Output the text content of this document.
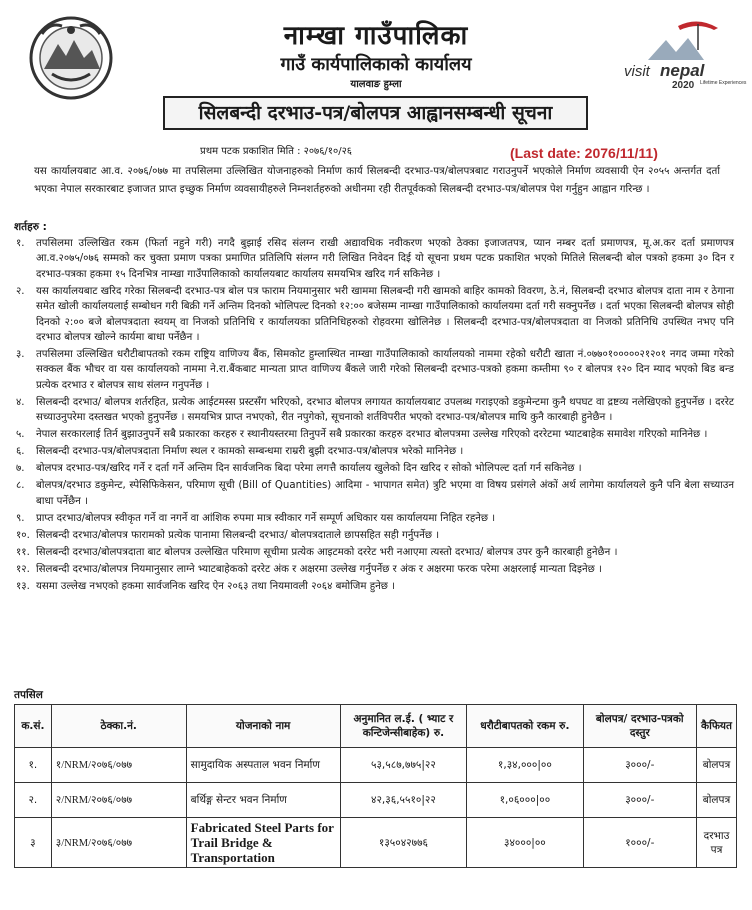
नाम्खा गाउँपालिका
गाउँ कार्यपालिकाको कार्यालय
यालवाङ हुम्ला
visit nepal
2020 Lifetime Experiences
सिलबन्दी दरभाउ-पत्र/बोलपत्र आह्वानसम्बन्धी सूचना
प्रथम पटक प्रकाशित मिति : २०७६/१०/२६	(Last date: 2076/11/11)
यस कार्यालयबाट आ.व. २०७६/०७७ मा तपसिलमा उल्लिखित योजनाहरुको निर्माण कार्य सिलबन्दी दरभाउ-पत्र/बोलपत्रबाट गराउनुपर्ने भएकोले निर्माण व्यवसायी ऐन २०५५ अन्तर्गत दर्ता भएका नेपाल सरकारबाट इजाजत प्राप्त इच्छुक निर्माण व्यवसायीहरुले निम्नशर्तहरुको अधीनमा रही रीतपूर्वकको सिलबन्दी दरभाउ-पत्र/बोलपत्र पेश गर्नुहुन आह्वान गरिन्छ ।
शर्तहरु :
१.	तपसिलमा उल्लिखित रकम (फिर्ता नहुने गरी) नगदै बुझाई रसिद संलग्न राखी अद्यावधिक नवीकरण भएको ठेक्का इजाजतपत्र, प्यान नम्बर दर्ता प्रमाणपत्र, मू.अ.कर दर्ता प्रमाणपत्र आ.व.२०७५/०७६ सम्मको कर चुक्ता प्रमाण पत्रका प्रमाणित प्रतिलिपि संलग्न गरी लिखित निवेदन दिई यो सूचना प्रथम पटक प्रकाशित भएको मितिले सिलबन्दी बोल पत्रको हकमा ३० दिन र दरभाउ-पत्रका हकमा १५ दिनभित्र नाम्खा गाउँपालिकाको कार्यालयबाट कार्यालय समयभित्र खरिद गर्न सकिनेछ ।
२.	यस कार्यालयबाट खरिद गरेका सिलबन्दी दरभाउ-पत्र बोल पत्र फाराम नियमानुसार भरी खाममा सिलबन्दी गरी खामको बाहिर कामको विवरण, ठे.नं, सिलबन्दी दरभाउ बोलपत्र दाता नाम र ठेगाना समेत खोली कार्यालयलाई सम्बोधन गरी बिक्री गर्ने अन्तिम दिनको भोलिपल्ट दिनको १२:०० बजेसम्म नाम्खा गाउँपालिकाको कार्यालयमा दर्ता गरी सक्नुपर्नेछ । दर्ता भएका सिलबन्दी बोलपत्र सोही दिनको २:०० बजे बोलपत्रदाता स्वयम् वा निजको प्रतिनिधि र कार्यालयका प्रतिनिधिहरुको रोहवरमा खोलिनेछ । सिलबन्दी दरभाउ-पत्र/बोलपत्रदाता वा निजको प्रतिनिधि उपस्थित नभए पनि दरभाउ बोलपत्र खोल्ने कार्यमा बाधा पर्नेछैन ।
३.	तपसिलमा उल्लिखित धरौटीबापतको रकम राष्ट्रिय वाणिज्य बैंक, सिमकोट हुम्लास्थित नाम्खा गाउँपालिकाको कार्यालयको नाममा रहेको धरौटी खाता नं.०७७०१०००००२१२०१ नगद जम्मा गरेको सक्कल बैंक भौचर वा यस कार्यालयको नाममा ने.रा.बैंकबाट मान्यता प्राप्त वाणिज्य बैंकले जारी गरेको सिलबन्दी दरभाउ-पत्रको हकमा कम्तीमा ९० र बोलपत्र १२० दिन म्याद भएको बिड बन्ड प्रत्येक दरभाउ र बोलपत्र साथ संलग्न गनुपर्नेछ ।
४.	सिलबन्दी दरभाउ/ बोलपत्र शर्तरहित, प्रत्येक आईटमस्स प्रस्टसँग भरिएको, दरभाउ बोलपत्र लगायत कार्यालयबाट उपलब्ध गराइएको डकुमेन्टमा कुनै थपघट वा द्रष्टव्य नलेखिएको हुनुपर्नेछ । दररेट सच्याउनुपरेमा दस्तखत भएको हुनुपर्नेछ । समयभित्र प्राप्त नभएको, रीत नपुगेको, सूचनाको शर्तविपरीत भएको दरभाउ-पत्र/बोलपत्र माथि कुनै कारबाही हुनेछैन ।
५.	नेपाल सरकारलाई तिर्न बुझाउनुपर्ने सबै प्रकारका करहरु र स्थानीयस्तरमा तिनुपर्ने सबै प्रकारका करहरु दरभाउ बोलपत्रमा उल्लेख गरिएको दररेटमा भ्याटबाहेक समावेश गरिएको मानिनेछ ।
६.	सिलबन्दी दरभाउ-पत्र/बोलपत्रदाता निर्माण स्थल र कामको सम्बन्धमा राम्ररी बुझी दरभाउ-पत्र/बोलपत्र भरेको मानिनेछ ।
७.	बोलपत्र दरभाउ-पत्र/खरिद गर्ने र दर्ता गर्ने अन्तिम दिन सार्वजनिक बिदा परेमा लगत्तै कार्यालय खुलेको दिन खरिद र सोको भोलिपल्ट दर्ता गर्न सकिनेछ ।
८.	बोलपत्र/दरभाउ डकुमेन्ट, स्पेसिफिकेसन, परिमाण सूची (Bill of Quantities) आदिमा - भापागत समेत) त्रुटि भएमा वा विषय प्रसंगले अंकों अर्थ लागेमा कार्यालयले कुनै पनि बेला सच्याउन बाधा पर्नेछैन ।
९.	प्राप्त दरभाउ/बोलपत्र स्वीकृत गर्ने वा नगर्ने वा आंशिक रुपमा मात्र स्वीकार गर्ने सम्पूर्ण अधिकार यस कार्यालयमा निहित रहनेछ ।
१०. सिलबन्दी दरभाउ/बोलपत्र फारामको प्रत्येक पानामा सिलबन्दी दरभाउ/ बोलपत्रदाताले छापसहित सही गर्नुपर्नेछ ।
११. सिलबन्दी दरभाउ/बोलपत्रदाता बाट बोलपत्र उल्लेखित परिमाण सूचीमा प्रत्येक आइटमको दररेट भरी नआएमा त्यस्तो दरभाउ/ बोलपत्र उपर कुनै कारबाही हुनेछैन ।
१२. सिलबन्दी दरभाउ/बोलपत्र नियमानुसार लाग्ने भ्याटबाहेकको दररेट अंक र अक्षरमा उल्लेख गर्नुपर्नेछ र अंक र अक्षरमा फरक परेमा अक्षरलाई मान्यता दिइनेछ ।
१३. यसमा उल्लेख नभएको हकमा सार्वजनिक खरिद ऐन २०६३ तथा नियमावली २०६४ बमोजिम हुनेछ ।
तपसिल
क.सं.	ठेक्का.नं.	योजनाको नाम	अनुमानित ल.ई. ( भ्याट र कन्टिजेन्सीबाहेक) रु.	धरौटीबापतको रकम रु.	बोलपत्र/ दरभाउ-पत्रको दस्तुर	कैफियत
१.	१/NRM/२०७६/०७७	सामुदायिक अस्पताल भवन निर्माण	५३,५८७,७७५|२२	१,३४,०००|००	३०००/-	बोलपत्र
२.	२/NRM/२०७६/०७७	बर्थिङ्ग सेन्टर भवन निर्माण	४२,३६,५५१०|२२	१,०६०००|००	३०००/-	बोलपत्र
३	३/NRM/२०७६/०७७	Fabricated Steel Parts for Trail Bridge & Transportation	१३५०४२७७६	३४०००|००	१०००/-	दरभाउ पत्र
